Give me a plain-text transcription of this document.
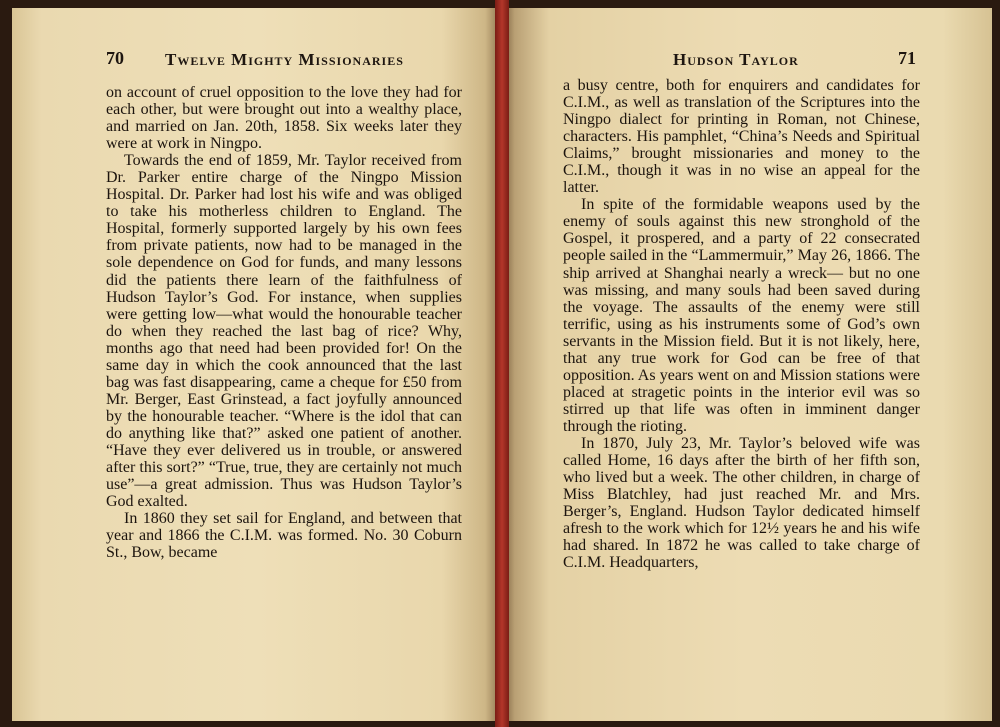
70 Twelve Mighty Missionaries

on account of cruel opposition to the love they had for each other, but were brought out into a wealthy place, and married on Jan. 20th, 1858. Six weeks later they were at work in Ningpo.

Towards the end of 1859, Mr. Taylor received from Dr. Parker entire charge of the Ningpo Mission Hospital. Dr. Parker had lost his wife and was obliged to take his motherless children to England. The Hospital, formerly supported largely by his own fees from private patients, now had to be managed in the sole dependence on God for funds, and many lessons did the patients there learn of the faithfulness of Hudson Taylor’s God. For instance, when supplies were getting low—what would the honourable teacher do when they reached the last bag of rice? Why, months ago that need had been provided for! On the same day in which the cook announced that the last bag was fast disappearing, came a cheque for £50 from Mr. Berger, East Grinstead, a fact joyfully announced by the honourable teacher. “Where is the idol that can do anything like that?” asked one patient of another. “Have they ever delivered us in trouble, or answered after this sort?” “True, true, they are certainly not much use”—a great admission. Thus was Hudson Taylor’s God exalted.

In 1860 they set sail for England, and between that year and 1866 the C.I.M. was formed. No. 30 Coburn St., Bow, became

Hudson Taylor	71

a busy centre, both for enquirers and candidates for C.I.M., as well as translation of the Scriptures into the Ningpo dialect for printing in Roman, not Chinese, characters. His pamphlet, “China’s Needs and Spiritual Claims,” brought missionaries and money to the C.I.M., though it was in no wise an appeal for the latter.

In spite of the formidable weapons used by the enemy of souls against this new stronghold of the Gospel, it prospered, and a party of 22 consecrated people sailed in the “Lammermuir,” May 26, 1866. The ship arrived at Shanghai nearly a wreck— but no one was missing, and many souls had been saved during the voyage. The assaults of the enemy were still terrific, using as his instruments some of God’s own servants in the Mission field. But it is not likely, here, that any true work for God can be free of that opposition. As years went on and Mission stations were placed at stragetic points in the interior evil was so stirred up that life was often in imminent danger through the rioting.

In 1870, July 23, Mr. Taylor’s beloved wife was called Home, 16 days after the birth of her fifth son, who lived but a week. The other children, in charge of Miss Blatchley, had just reached Mr. and Mrs. Berger’s, England. Hudson Taylor dedicated himself afresh to the work which for 12½ years he and his wife had shared. In 1872 he was called to take charge of C.I.M. Headquarters,
